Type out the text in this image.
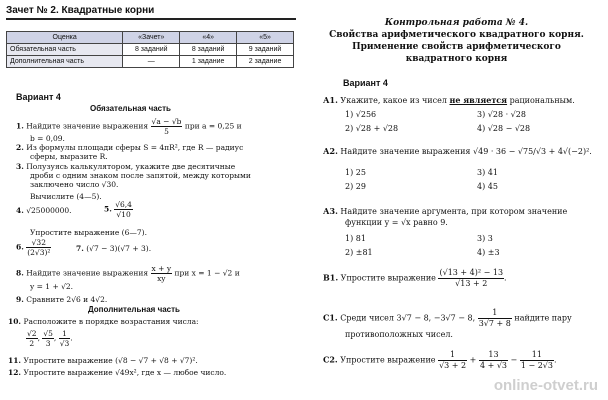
Зачет № 2. Квадратные корни
Оценка	«Зачет»	«4»	«5»
Обязательная часть	8 заданий	8 заданий	9 заданий
Дополнительная часть	—	1 задание	2 задание
Вариант 4
Обязательная часть
1. Найдите значение выражения $\frac{√a - √b}{5}$ при a = 0,25 и
b = 0,09.
2. Из формулы площади сферы S = 4πR², где R — радиус
сферы, выразите R.
3. Полузуясь калькулятором, укажите две десятичные
дроби с одним знаком после запятой, между которыми
заключено число √30.
Вычислите (4—5).
4. √25000000.	5. $\frac{√6,4}{√10}$
Упростите выражение (6—7).
6. $\frac{√32}{\text{(2√3)²}}$	7. (√7 − 3)(√7 + 3).
8. Найдите значение выражения $\frac{x + y}{xy}$ при x = 1 − √2 и
y = 1 + √2.
9. Сравните 2√6 и 4√2.
Дополнительная часть
10. Расположите в порядке возрастания числа:
$\frac{√2}{2}$ , $\frac{√5}{3}$ , $\frac{1}{√3}$ .
11. Упростите выражение (√8 − √7 + √8 + √7)².
12. Упростите выражение √49x², где x — любое число.
Контрольная работа № 4.
Свойства арифметического квадратного корня.
Применение свойств арифметического
квадратного корня
Вариант 4
А1. Укажите, какое из чисел не является рациональным.
1) √256	3) √28 · √28
2) √28 + √28	4) √28 − √28
А2. Найдите значение выражения √49 · 36 − √75/√3 + 4√(−2)².
1) 25	3) 41
2) 29	4) 45
А3. Найдите значение аргумента, при котором значение
функции y = √x равно 9.
1) 81	3) 3
2) ±81	4) ±3
В1. Упростите выражение $\frac{\text{(√13 + 4)² − 13}}{√13 + 2}$ .
С1. Среди чисел 3√7 − 8, −3√7 − 8, $\frac{1}{3√7 + 8}$ найдите пару
противоположных чисел.
С2. Упростите выражение $\frac{1}{√3 + 2} + \frac{13}{4 + √3} - \frac{11}{1 - 2√3}$ .
online-otvet.ru
